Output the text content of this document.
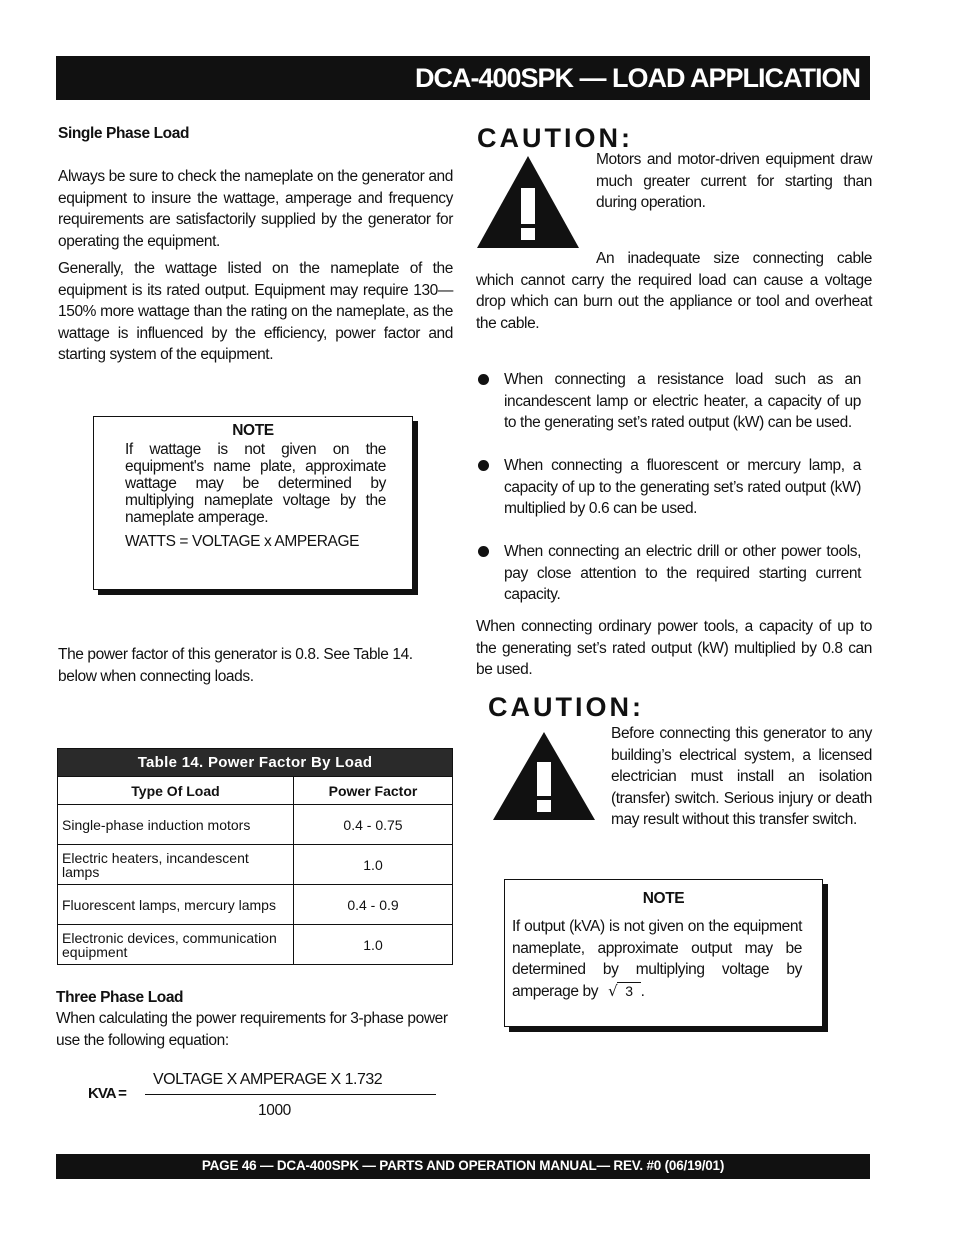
DCA-400SPK — LOAD APPLICATION
Single Phase Load
Always be sure to check the nameplate on the generator and equipment to insure the wattage, amperage and frequency requirements are satisfactorily supplied by the generator for operating the equipment.
Generally, the wattage listed on the nameplate of the equipment is its rated output. Equipment may require 130—150% more wattage than the rating on the nameplate, as the wattage is influenced by the efficiency, power factor and starting system of the equipment.
NOTE
If wattage is not given on the equipment's name plate, approximate wattage may be determined by multiplying nameplate voltage by the nameplate amperage.
WATTS = VOLTAGE x AMPERAGE
The power factor of this generator is 0.8. See Table 14. below when connecting loads.
Table 14. Power Factor By Load	
Type Of Load	Power Factor
Single-phase induction motors	0.4 - 0.75
Electric heaters, incandescent lamps	1.0
Fluorescent lamps, mercury lamps	0.4 - 0.9
Electronic devices, communication equipment	1.0
Three Phase Load
When calculating the power requirements for 3-phase power use the following equation:
KVA =
VOLTAGE X AMPERAGE X 1.732
1000
CAUTION:
Motors and motor-driven equipment draw much greater current for starting than during operation.
An inadequate size connecting cable which cannot carry the required load can cause a voltage drop which can burn out the appliance or tool and overheat the cable.
When connecting a resistance load such as an incandescent lamp or electric heater, a capacity of up to the generating set’s rated output (kW) can be used.
When connecting a fluorescent or mercury lamp, a capacity of up to the generating set’s rated output (kW) multiplied by 0.6 can be used.
When connecting an electric drill or other power tools, pay close attention to the required starting current capacity.
When connecting ordinary power tools, a capacity of up to the generating set’s rated output (kW) multiplied by 0.8 can be used.
CAUTION:
Before connecting this generator to any building’s electrical system, a licensed electrician must install an isolation (transfer) switch. Serious injury or death may result without this transfer switch.
NOTE
If output (kVA) is not given on the equipment nameplate, approximate output may be determined by multiplying voltage by amperage by √ 3 .
PAGE 46 — DCA-400SPK — PARTS AND OPERATION MANUAL— REV. #0 (06/19/01)
